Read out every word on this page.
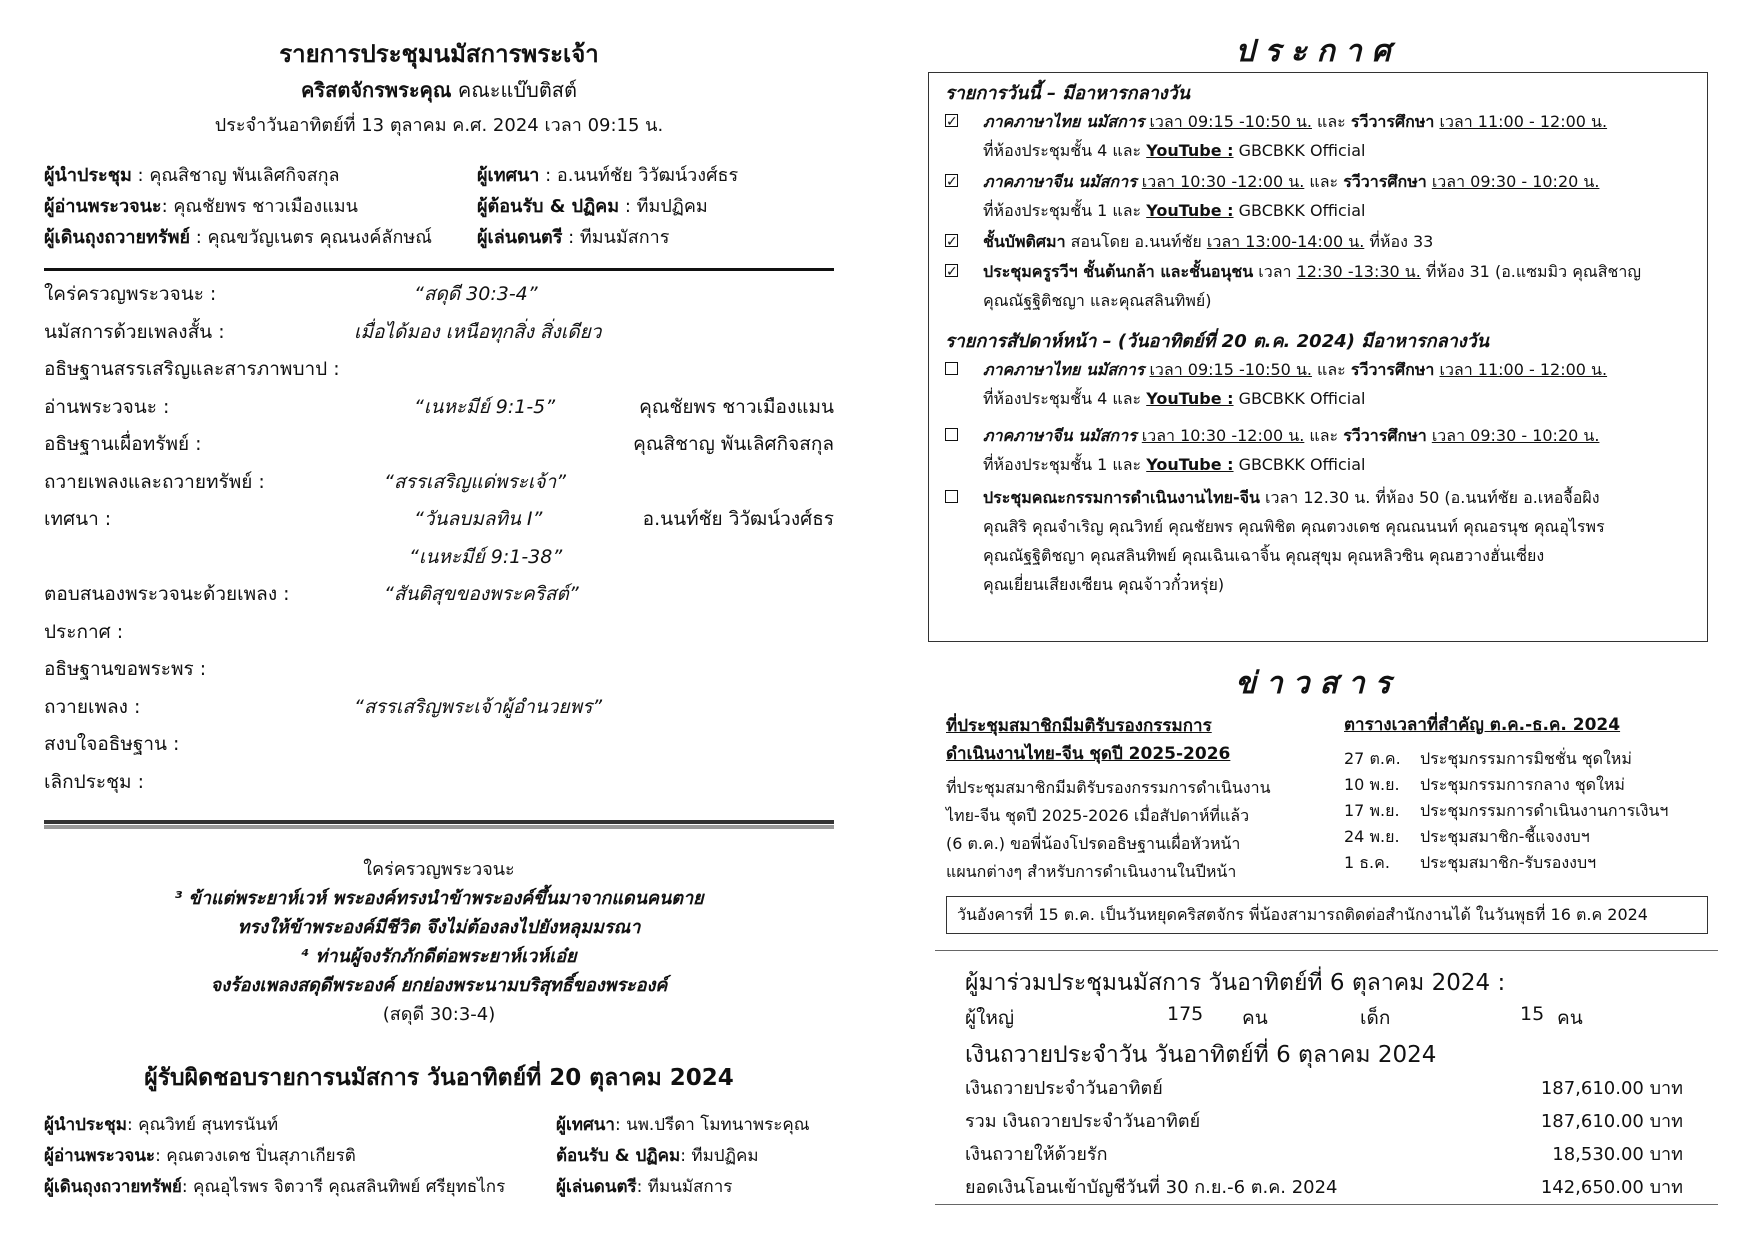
รายการประชุมนมัสการพระเจ้า
คริสตจักรพระคุณ คณะแบ๊บติสต์
ประจำวันอาทิตย์ที่ 13 ตุลาคม ค.ศ. 2024 เวลา 09:15 น.
ผู้นำประชุม : คุณสิชาญ พันเลิศกิจสกุล	ผู้เทศนา : อ.นนท์ชัย วิวัฒน์วงศ์ธร
ผู้อ่านพระวจนะ: คุณชัยพร ชาวเมืองแมน	ผู้ต้อนรับ & ปฏิคม : ทีมปฏิคม
ผู้เดินถุงถวายทรัพย์ : คุณขวัญเนตร คุณนงค์ลักษณ์	ผู้เล่นดนตรี : ทีมนมัสการ
ใคร่ครวญพระวจนะ :	“สดุดี 30:3-4”
นมัสการด้วยเพลงสั้น :	เมื่อได้มอง เหนือทุกสิ่ง สิ่งเดียว
อธิษฐานสรรเสริญและสารภาพบาป :
อ่านพระวจนะ :	“เนหะมีย์ 9:1-5”	คุณชัยพร ชาวเมืองแมน
อธิษฐานเผื่อทรัพย์ :	คุณสิชาญ พันเลิศกิจสกุล
ถวายเพลงและถวายทรัพย์ :	“สรรเสริญแด่พระเจ้า”
เทศนา :	“วันลบมลทิน I”	อ.นนท์ชัย วิวัฒน์วงศ์ธร
“เนหะมีย์ 9:1-38”
ตอบสนองพระวจนะด้วยเพลง :	“สันติสุขของพระคริสต์”
ประกาศ :
อธิษฐานขอพระพร :
ถวายเพลง :	“สรรเสริญพระเจ้าผู้อำนวยพร”
สงบใจอธิษฐาน :
เลิกประชุม :
ใคร่ครวญพระวจนะ
³ ข้าแต่พระยาห์เวห์ พระองค์ทรงนำข้าพระองค์ขึ้นมาจากแดนคนตาย
ทรงให้ข้าพระองค์มีชีวิต จึงไม่ต้องลงไปยังหลุมมรณา
⁴ ท่านผู้จงรักภักดีต่อพระยาห์เวห์เอ๋ย
จงร้องเพลงสดุดีพระองค์ ยกย่องพระนามบริสุทธิ์ของพระองค์
(สดุดี 30:3-4)
ผู้รับผิดชอบรายการนมัสการ วันอาทิตย์ที่ 20 ตุลาคม 2024
ผู้นำประชุม: คุณวิทย์ สุนทรนันท์	ผู้เทศนา: นพ.ปรีดา โมทนาพระคุณ
ผู้อ่านพระวจนะ: คุณตวงเดช ปิ่นสุภาเกียรติ	ต้อนรับ & ปฏิคม: ทีมปฏิคม
ผู้เดินถุงถวายทรัพย์: คุณอุไรพร จิตวารี คุณสลินทิพย์ ศรียุทธไกร	ผู้เล่นดนตรี: ทีมนมัสการ
ประกาศ
รายการวันนี้ – มีอาหารกลางวัน
✓
ภาคภาษาไทย นมัสการ เวลา 09:15 -10:50 น. และ รวีวารศึกษา เวลา 11:00 - 12:00 น.
ที่ห้องประชุมชั้น 4 และ YouTube : GBCBKK Official
✓
ภาคภาษาจีน นมัสการ เวลา 10:30 -12:00 น. และ รวีวารศึกษา เวลา 09:30 - 10:20 น.
ที่ห้องประชุมชั้น 1 และ YouTube : GBCBKK Official
✓
ชั้นบัพติศมา สอนโดย อ.นนท์ชัย เวลา 13:00-14:00 น. ที่ห้อง 33
✓
ประชุมครูรวีฯ ชั้นต้นกล้า และชั้นอนุชน เวลา 12:30 -13:30 น. ที่ห้อง 31 (อ.แซมมิว คุณสิชาญ
คุณณัฐฐิติชญา และคุณสลินทิพย์)
รายการสัปดาห์หน้า – (วันอาทิตย์ที่ 20 ต.ค. 2024) มีอาหารกลางวัน
ภาคภาษาไทย นมัสการ เวลา 09:15 -10:50 น. และ รวีวารศึกษา เวลา 11:00 - 12:00 น.
ที่ห้องประชุมชั้น 4 และ YouTube : GBCBKK Official
ภาคภาษาจีน นมัสการ เวลา 10:30 -12:00 น. และ รวีวารศึกษา เวลา 09:30 - 10:20 น.
ที่ห้องประชุมชั้น 1 และ YouTube : GBCBKK Official
ประชุมคณะกรรมการดำเนินงานไทย-จีน เวลา 12.30 น. ที่ห้อง 50 (อ.นนท์ชัย อ.เหอจื้อผิง
คุณสิริ คุณจำเริญ คุณวิทย์ คุณชัยพร คุณพิชิต คุณตวงเดช คุณณนนท์ คุณอรนุช คุณอุไรพร
คุณณัฐฐิติชญา คุณสลินทิพย์ คุณเฉินเฉาจิ้น คุณสุขุม คุณหลิวซิน คุณฮวางฮั่นเซี่ยง
คุณเยี่ยนเสียงเซียน คุณจ้าวกั๋วหรุ่ย)
ข่าวสาร
ที่ประชุมสมาชิกมีมติรับรองกรรมการ
ดำเนินงานไทย-จีน ชุดปี 2025-2026
ที่ประชุมสมาชิกมีมติรับรองกรรมการดำเนินงาน
ไทย-จีน ชุดปี 2025-2026 เมื่อสัปดาห์ที่แล้ว
(6 ต.ค.) ขอพี่น้องโปรดอธิษฐานเผื่อหัวหน้า
แผนกต่างๆ สำหรับการดำเนินงานในปีหน้า
ตารางเวลาที่สำคัญ ต.ค.-ธ.ค. 2024
27 ต.ค.	ประชุมกรรมการมิชชั่น ชุดใหม่
10 พ.ย.	ประชุมกรรมการกลาง ชุดใหม่
17 พ.ย.	ประชุมกรรมการดำเนินงานการเงินฯ
24 พ.ย.	ประชุมสมาชิก-ชี้แจงงบฯ
1 ธ.ค.	ประชุมสมาชิก-รับรองงบฯ
วันอังคารที่ 15 ต.ค. เป็นวันหยุดคริสตจักร พี่น้องสามารถติดต่อสำนักงานได้ ในวันพุธที่ 16 ต.ค 2024
ผู้มาร่วมประชุมนมัสการ วันอาทิตย์ที่ 6 ตุลาคม 2024 :
ผู้ใหญ่	175 คน	เด็ก	15 คน
เงินถวายประจำวัน วันอาทิตย์ที่ 6 ตุลาคม 2024
เงินถวายประจำวันอาทิตย์	187,610.00 บาท
รวม เงินถวายประจำวันอาทิตย์	187,610.00 บาท
เงินถวายให้ด้วยรัก	18,530.00 บาท
ยอดเงินโอนเข้าบัญชีวันที่ 30 ก.ย.-6 ต.ค. 2024	142,650.00 บาท
